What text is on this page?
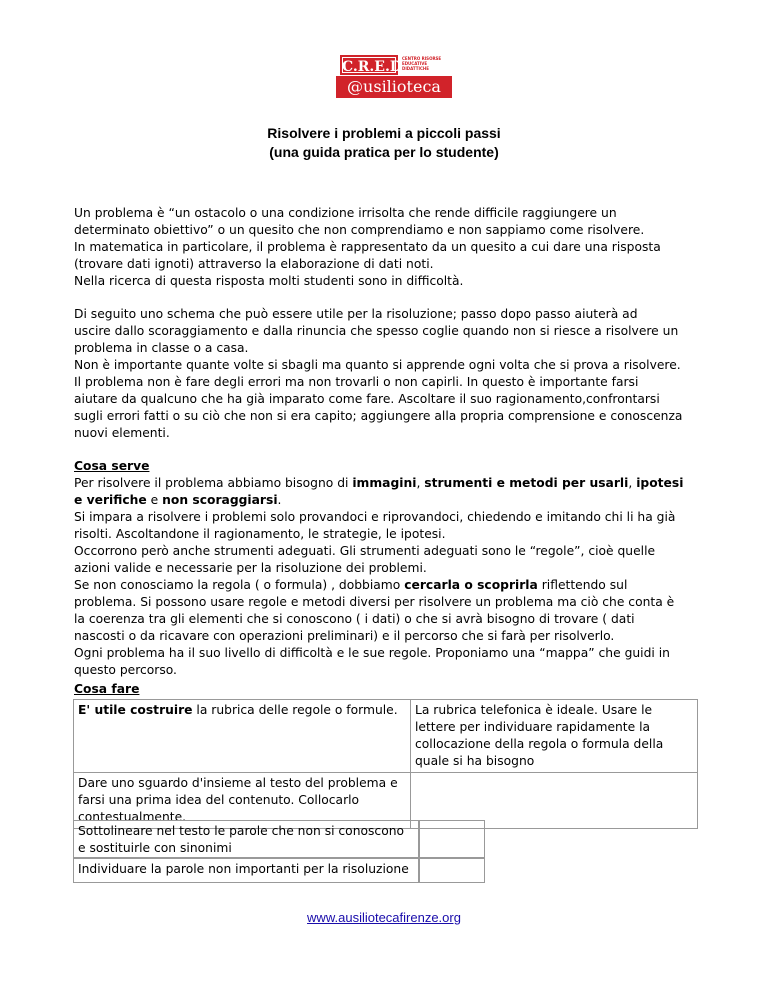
C.R.E.D.
CENTRO RISORSE EDUCATIVE DIDATTICHE
@usilioteca
Risolvere i problemi a piccoli passi
(una guida pratica per lo studente)
Un problema è “un ostacolo o una condizione irrisolta che rende difficile raggiungere un
determinato obiettivo” o un quesito che non comprendiamo e non sappiamo come risolvere.
In matematica in particolare, il problema è rappresentato da un quesito a cui dare una risposta
(trovare dati ignoti) attraverso la elaborazione di dati noti.
Nella ricerca di questa risposta molti studenti sono in difficoltà.
Di seguito uno schema che può essere utile per la risoluzione; passo dopo passo aiuterà ad
uscire dallo scoraggiamento e dalla rinuncia che spesso coglie quando non si riesce a risolvere un
problema in classe o a casa.
Non è importante quante volte si sbagli ma quanto si apprende ogni volta che si prova a risolvere.
Il problema non è fare degli errori ma non trovarli o non capirli. In questo è importante farsi
aiutare da qualcuno che ha già imparato come fare. Ascoltare il suo ragionamento,confrontarsi
sugli errori fatti o su ciò che non si era capito; aggiungere alla propria comprensione e conoscenza
nuovi elementi.
Cosa serve
Per risolvere il problema abbiamo bisogno di immagini, strumenti e metodi per usarli, ipotesi
e verifiche e non scoraggiarsi.
Si impara a risolvere i problemi solo provandoci e riprovandoci, chiedendo e imitando chi li ha già
risolti. Ascoltandone il ragionamento, le strategie, le ipotesi.
Occorrono però anche strumenti adeguati. Gli strumenti adeguati sono le “regole”, cioè quelle
azioni valide e necessarie per la risoluzione dei problemi.
Se non conosciamo la regola ( o formula) , dobbiamo cercarla o scoprirla riflettendo sul
problema. Si possono usare regole e metodi diversi per risolvere un problema ma ciò che conta è
la coerenza tra gli elementi che si conoscono ( i dati) o che si avrà bisogno di trovare ( dati
nascosti o da ricavare con operazioni preliminari) e il percorso che si farà per risolverlo.
Ogni problema ha il suo livello di difficoltà e le sue regole. Proponiamo una “mappa” che guidi in
questo percorso.
Cosa fare
E' utile costruire la rubrica delle regole o formule.	La rubrica telefonica è ideale. Usare le lettere per individuare rapidamente la collocazione della regola o formula della quale si ha bisogno
Dare uno sguardo d'insieme al testo del problema e farsi una prima idea del contenuto. Collocarlo contestualmente.	
Sottolineare nel testo le parole che non si conoscono e sostituirle con sinonimi
Individuare la parole non importanti per la risoluzione
www.ausiliotecafirenze.org
